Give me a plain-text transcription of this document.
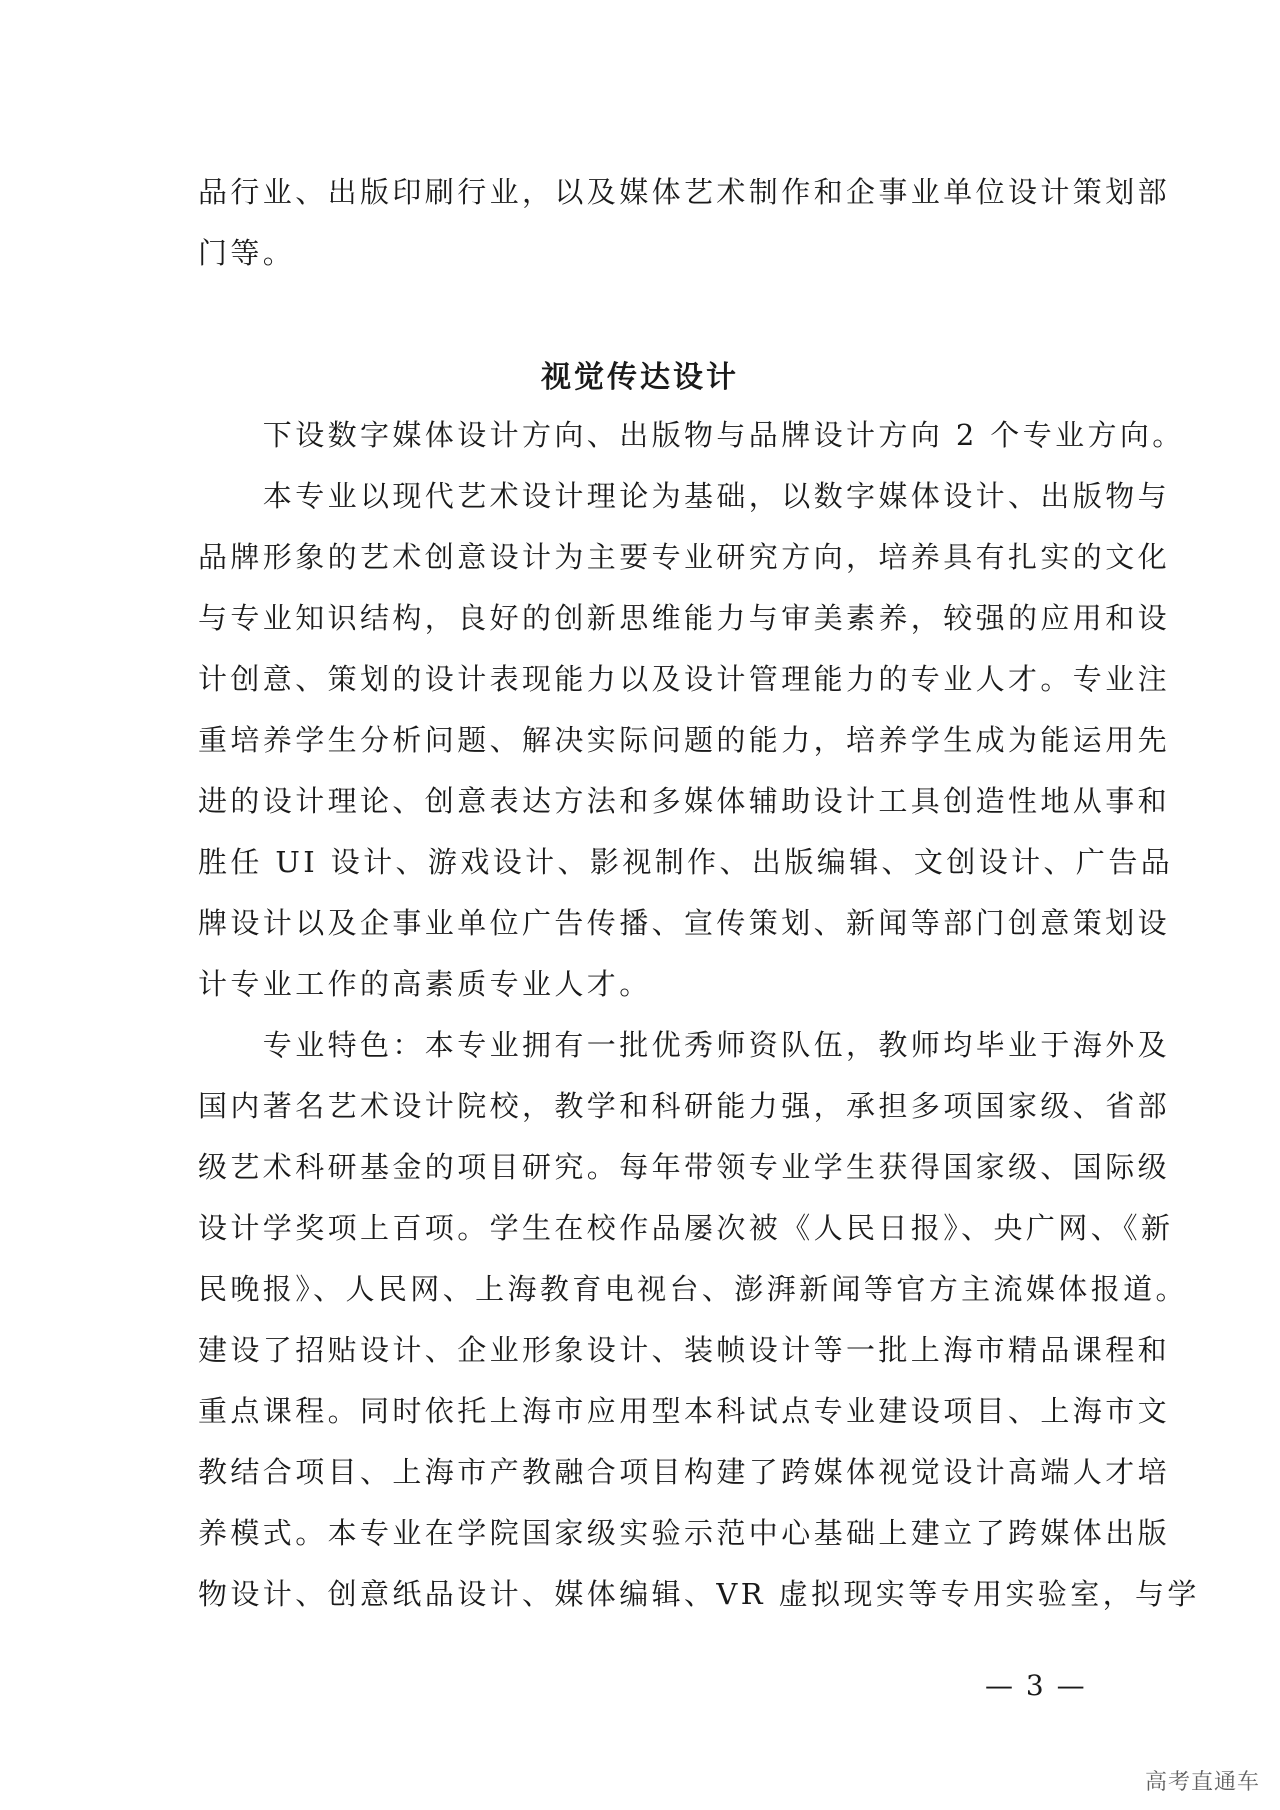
品行业、出版印刷行业，以及媒体艺术制作和企事业单位设计策划部
门等。
视觉传达设计
　　下设数字媒体设计方向、出版物与品牌设计方向 2 个专业方向。
　　本专业以现代艺术设计理论为基础，以数字媒体设计、出版物与
品牌形象的艺术创意设计为主要专业研究方向，培养具有扎实的文化
与专业知识结构，良好的创新思维能力与审美素养，较强的应用和设
计创意、策划的设计表现能力以及设计管理能力的专业人才。专业注
重培养学生分析问题、解决实际问题的能力，培养学生成为能运用先
进的设计理论、创意表达方法和多媒体辅助设计工具创造性地从事和
胜任 UI 设计、游戏设计、影视制作、出版编辑、文创设计、广告品
牌设计以及企事业单位广告传播、宣传策划、新闻等部门创意策划设
计专业工作的高素质专业人才。
　　专业特色：本专业拥有一批优秀师资队伍，教师均毕业于海外及
国内著名艺术设计院校，教学和科研能力强，承担多项国家级、省部
级艺术科研基金的项目研究。每年带领专业学生获得国家级、国际级
设计学奖项上百项。学生在校作品屡次被《人民日报》、央广网、《新
民晚报》、人民网、上海教育电视台、澎湃新闻等官方主流媒体报道。
建设了招贴设计、企业形象设计、装帧设计等一批上海市精品课程和
重点课程。同时依托上海市应用型本科试点专业建设项目、上海市文
教结合项目、上海市产教融合项目构建了跨媒体视觉设计高端人才培
养模式。本专业在学院国家级实验示范中心基础上建立了跨媒体出版
物设计、创意纸品设计、媒体编辑、VR 虚拟现实等专用实验室，与学
— 3 —
高考直通车
